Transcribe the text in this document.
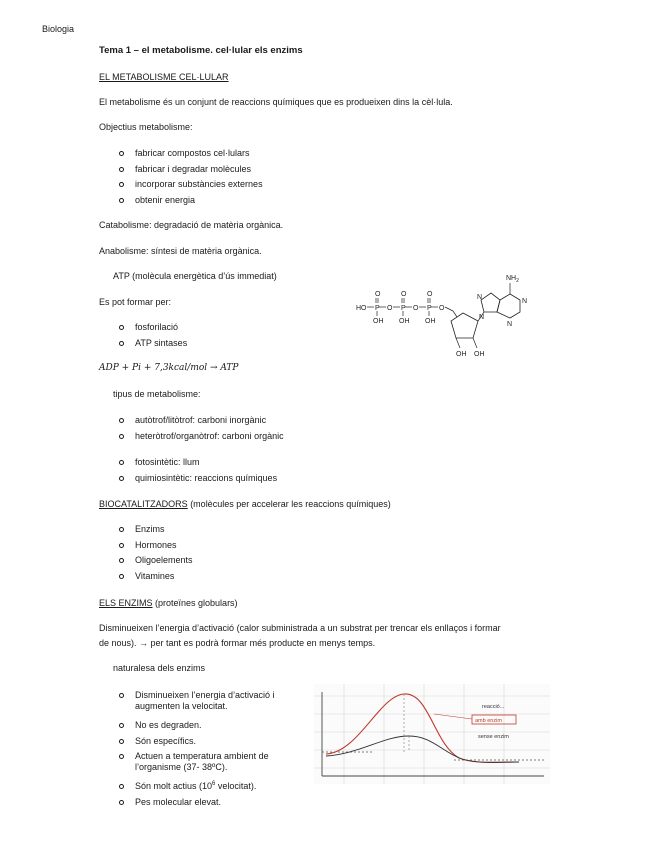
Biologia
Tema 1 – el metabolisme. cel·lular els enzims
EL METABOLISME CEL·LULAR
El metabolisme és un conjunt de reaccions químiques que es produeixen dins la cèl·lula.
Objectius metabolisme:
fabricar compostos cel·lulars
fabricar i degradar molècules
incorporar substàncies externes
obtenir energia
Catabolisme: degradació de matèria orgànica.
Anabolisme: síntesi de matèria orgànica.
ATP (molècula energètica d’ús immediat)
Es pot formar per:
fosforilació
ATP sintases
ADP + Pi + 7,3kcal/mol → ATP
tipus de metabolisme:
autòtrof/litòtrof: carboni inorgànic
heteròtrof/organòtrof: carboni orgànic
fotosintètic: llum
quimiosintètic: reaccions químiques
HO P O P O P O
O	O	O
OH OH OH
OH OH
$NH_2$
N
N
N
N
BIOCATALITZADORS (molècules per accelerar les reaccions químiques)
Enzims
Hormones
Oligoelements
Vitamines
ELS ENZIMS (proteïnes globulars)
Disminueixen l’energia d’activació (calor subministrada a un substrat per trencar els enllaços i formar
de nous). → per tant es podrà formar més producte en menys temps.
naturalesa dels enzims
Disminueixen l’energia d’activació i
augmenten la velocitat.
No es degraden.
Són específics.
Actuen a temperatura ambient de
l’organisme (37- 38ºC).
Són molt actius ($10^6$ velocitat).
Pes molecular elevat.
reacció...
amb enzim
sense enzim
